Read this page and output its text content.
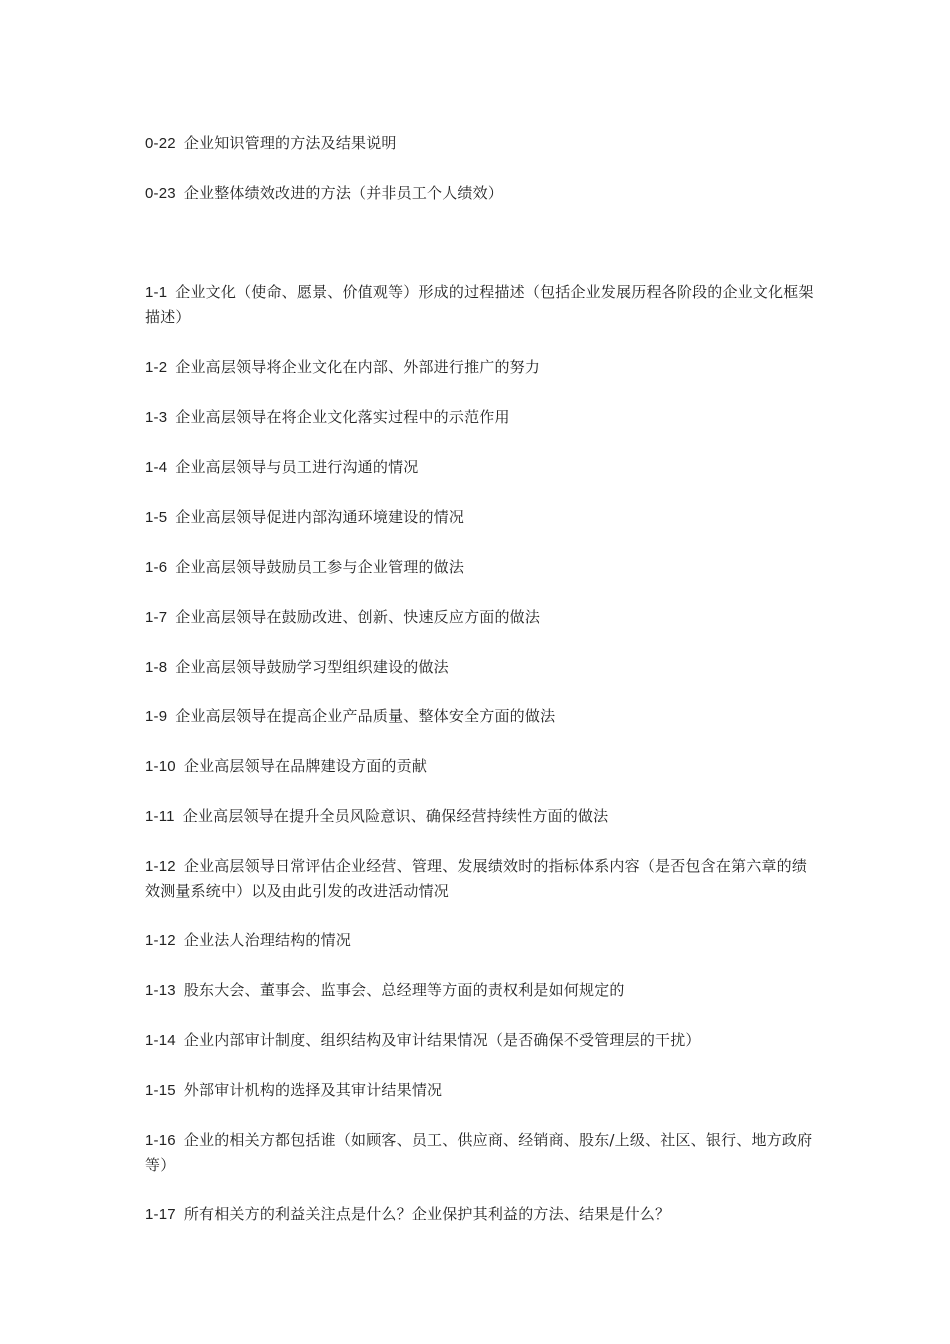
0-22 企业知识管理的方法及结果说明

0-23 企业整体绩效改进的方法（并非员工个人绩效）

1-1 企业文化（使命、愿景、价值观等）形成的过程描述（包括企业发展历程各阶段的企业文化框架描述）

1-2 企业高层领导将企业文化在内部、外部进行推广的努力

1-3 企业高层领导在将企业文化落实过程中的示范作用

1-4 企业高层领导与员工进行沟通的情况

1-5 企业高层领导促进内部沟通环境建设的情况

1-6 企业高层领导鼓励员工参与企业管理的做法

1-7 企业高层领导在鼓励改进、创新、快速反应方面的做法

1-8 企业高层领导鼓励学习型组织建设的做法

1-9 企业高层领导在提高企业产品质量、整体安全方面的做法

1-10 企业高层领导在品牌建设方面的贡献

1-11 企业高层领导在提升全员风险意识、确保经营持续性方面的做法

1-12 企业高层领导日常评估企业经营、管理、发展绩效时的指标体系内容（是否包含在第六章的绩效测量系统中）以及由此引发的改进活动情况

1-12 企业法人治理结构的情况

1-13 股东大会、董事会、监事会、总经理等方面的责权利是如何规定的

1-14 企业内部审计制度、组织结构及审计结果情况（是否确保不受管理层的干扰）

1-15 外部审计机构的选择及其审计结果情况

1-16 企业的相关方都包括谁（如顾客、员工、供应商、经销商、股东/上级、社区、银行、地方政府等）

1-17 所有相关方的利益关注点是什么？企业保护其利益的方法、结果是什么？
